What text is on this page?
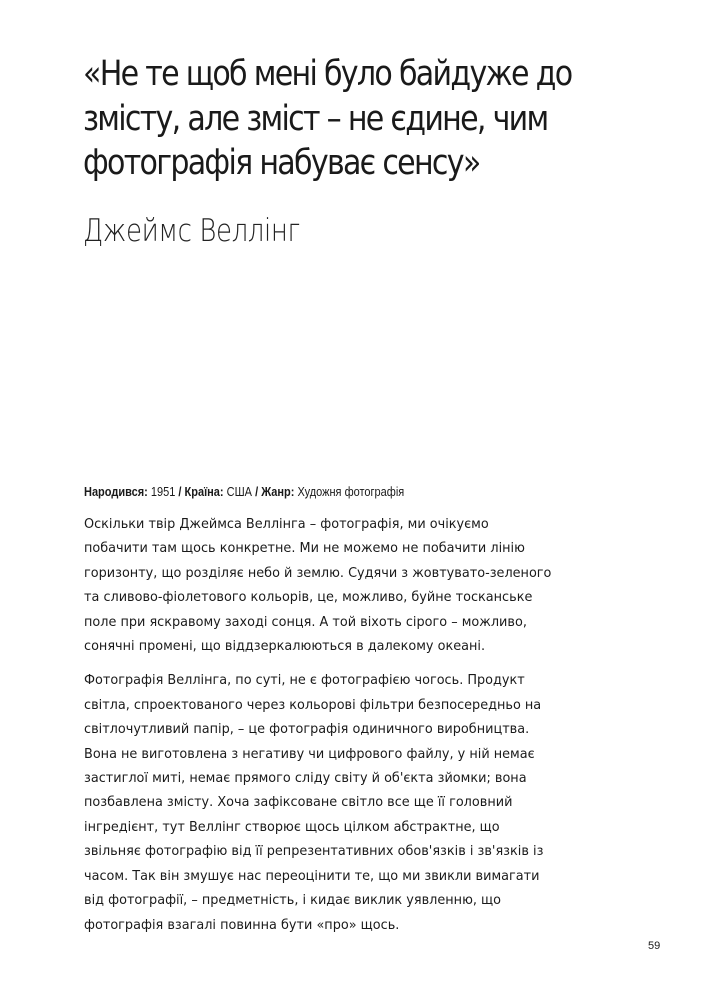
«Не те щоб мені було байдуже до
змісту, але зміст – не єдине, чим
фотографія набуває сенсу»
Джеймс Веллінг
Народився: 1951 / Країна: США / Жанр: Художня фотографія

Оскільки твір Джеймса Веллінга – фотографія, ми очікуємо
побачити там щось конкретне. Ми не можемо не побачити лінію
горизонту, що розділяє небо й землю. Судячи з жовтувато-зеленого
та сливово-фіолетового кольорів, це, можливо, буйне тосканське
поле при яскравому заході сонця. А той віхоть сірого – можливо,
сонячні промені, що віддзеркалюються в далекому океані.

Фотографія Веллінга, по суті, не є фотографією чогось. Продукт
світла, спроектованого через кольорові фільтри безпосередньо на
світлочутливий папір, – це фотографія одиничного виробництва.
Вона не виготовлена з негативу чи цифрового файлу, у ній немає
застиглої миті, немає прямого сліду світу й об'єкта зйомки; вона
позбавлена змісту. Хоча зафіксоване світло все ще її головний
інгредієнт, тут Веллінг створює щось цілком абстрактне, що
звільняє фотографію від її репрезентативних обов'язків і зв'язків із
часом. Так він змушує нас переоцінити те, що ми звикли вимагати
від фотографії, – предметність, і кидає виклик уявленню, що
фотографія взагалі повинна бути «про» щось.

59
